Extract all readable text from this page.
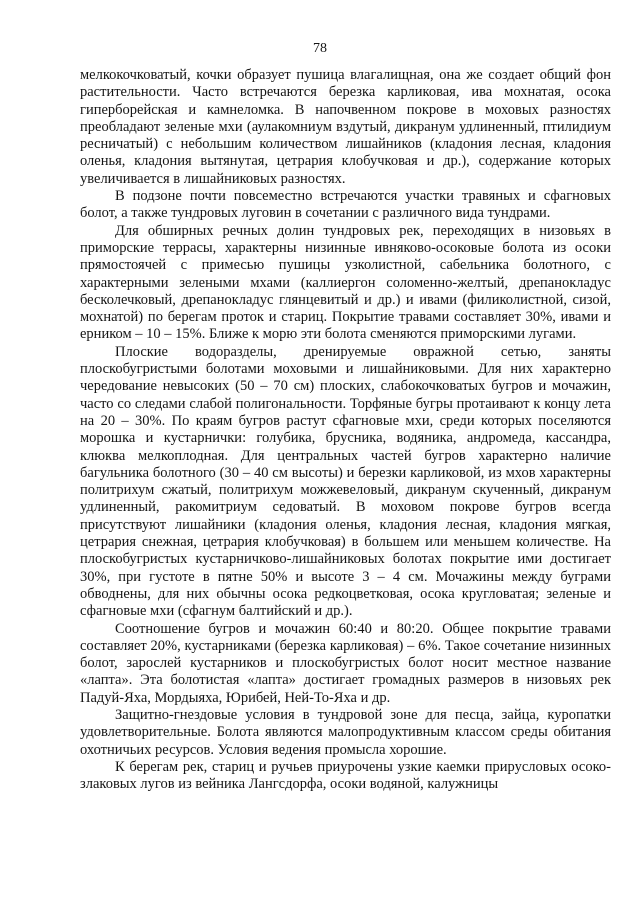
78

мелкокочковатый, кочки образует пушица влагалищная, она же создает общий фон растительности. Часто встречаются березка карликовая, ива мохнатая, осока гиперборейская и камнеломка. В напочвенном покрове в моховых разностях преобладают зеленые мхи (аулакомниум вздутый, дикранум удлиненный, птилидиум ресничатый) с небольшим количеством лишайников (кладония лесная, кладония оленья, кладония вытянутая, цетрария клобучковая и др.), содержание которых увеличивается в лишайниковых разностях.

В подзоне почти повсеместно встречаются участки травяных и сфагновых болот, а также тундровых луговин в сочетании с различного вида тундрами.

Для обширных речных долин тундровых рек, переходящих в низовьях в приморские террасы, характерны низинные ивняково-осоковые болота из осоки прямостоячей с примесью пушицы узколистной, сабельника болотного, с характерными зелеными мхами (каллиергон соломенно-желтый, дрепанокладус бесколечковый, дрепанокладус глянцевитый и др.) и ивами (филиколистной, сизой, мохнатой) по берегам проток и стариц. Покрытие травами составляет 30%, ивами и ерником – 10 – 15%. Ближе к морю эти болота сменяются приморскими лугами.

Плоские водоразделы, дренируемые овражной сетью, заняты плоскобугристыми болотами моховыми и лишайниковыми. Для них характерно чередование невысоких (50 – 70 см) плоских, слабокочковатых бугров и мочажин, часто со следами слабой полигональности. Торфяные бугры протаивают к концу лета на 20 – 30%. По краям бугров растут сфагновые мхи, среди которых поселяются морошка и кустарнички: голубика, брусника, водяника, андромеда, кассандра, клюква мелкоплодная. Для центральных частей бугров характерно наличие багульника болотного (30 – 40 см высоты) и березки карликовой, из мхов характерны политрихум сжатый, политрихум можжевеловый, дикранум скученный, дикранум удлиненный, ракомитриум седоватый. В моховом покрове бугров всегда присутствуют лишайники (кладония оленья, кладония лесная, кладония мягкая, цетрария снежная, цетрария клобучковая) в большем или меньшем количестве. На плоскобугристых кустарничково-лишайниковых болотах покрытие ими достигает 30%, при густоте в пятне 50% и высоте 3 – 4 см. Мочажины между буграми обводнены, для них обычны осока редкоцветковая, осока кругловатая; зеленые и сфагновые мхи (сфагнум балтийский и др.).

Соотношение бугров и мочажин 60:40 и 80:20. Общее покрытие травами составляет 20%, кустарниками (березка карликовая) – 6%. Такое сочетание низинных болот, зарослей кустарников и плоскобугристых болот носит местное название «лапта». Эта болотистая «лапта» достигает громадных размеров в низовьях рек Падуй-Яха, Мордыяха, Юрибей, Ней-То-Яха и др.

Защитно-гнездовые условия в тундровой зоне для песца, зайца, куропатки удовлетворительные. Болота являются малопродуктивным классом среды обитания охотничьих ресурсов. Условия ведения промысла хорошие.

К берегам рек, стариц и ручьев приурочены узкие каемки прирусловых осоко-злаковых лугов из вейника Лангсдорфа, осоки водяной, калужницы
